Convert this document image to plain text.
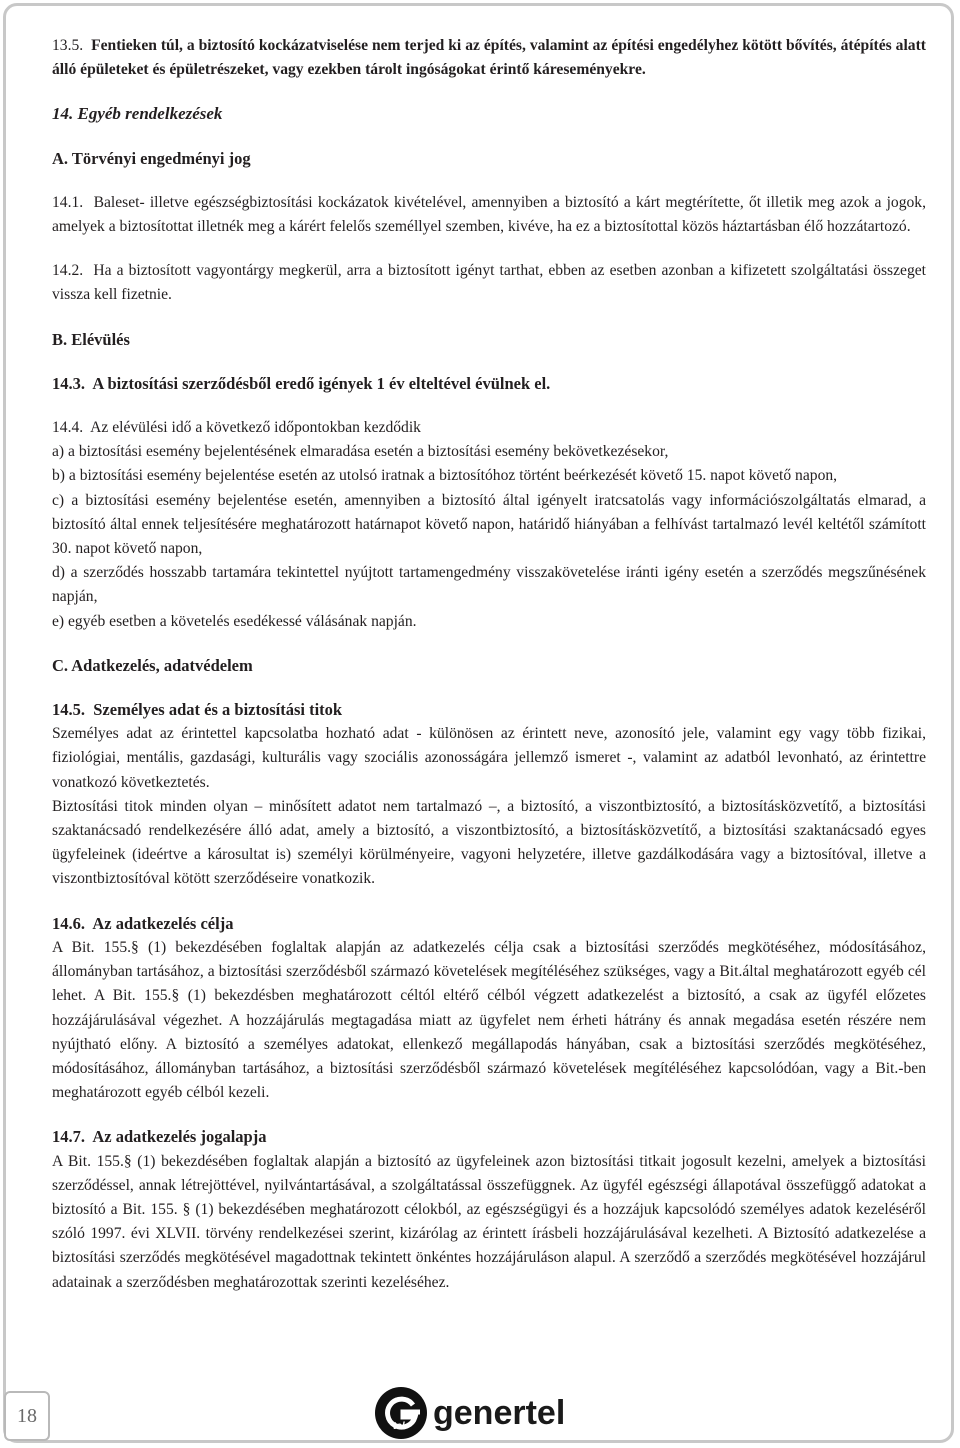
13.5. Fentieken túl, a biztosító kockázatviselése nem terjed ki az építés, valamint az építési engedélyhez kötött bővítés, átépítés alatt álló épületeket és épületrészeket, vagy ezekben tárolt ingóságokat érintő káreseményekre.

14. Egyéb rendelkezések

A. Törvényi engedményi jog

14.1. Baleset- illetve egészségbiztosítási kockázatok kivételével, amennyiben a biztosító a kárt megtérítette, őt illetik meg azok a jogok, amelyek a biztosítottat illetnék meg a kárért felelős személlyel szemben, kivéve, ha ez a biztosítottal közös háztartásban élő hozzátartozó.

14.2. Ha a biztosított vagyontárgy megkerül, arra a biztosított igényt tarthat, ebben az esetben azonban a kifizetett szolgáltatási összeget vissza kell fizetnie.

B. Elévülés

14.3. A biztosítási szerződésből eredő igények 1 év elteltével évülnek el.

14.4. Az elévülési idő a következő időpontokban kezdődik

a) a biztosítási esemény bejelentésének elmaradása esetén a biztosítási esemény bekövetkezésekor,

b) a biztosítási esemény bejelentése esetén az utolsó iratnak a biztosítóhoz történt beérkezését követő 15. napot követő napon,

c) a biztosítási esemény bejelentése esetén, amennyiben a biztosító által igényelt iratcsatolás vagy információszolgáltatás elmarad, a biztosító által ennek teljesítésére meghatározott határnapot követő napon, határidő hiányában a felhívást tartalmazó levél keltétől számított 30. napot követő napon,

d) a szerződés hosszabb tartamára tekintettel nyújtott tartamengedmény visszakövetelése iránti igény esetén a szerződés megszűnésének napján,

e) egyéb esetben a követelés esedékessé válásának napján.

C. Adatkezelés, adatvédelem

14.5. Személyes adat és a biztosítási titok

Személyes adat az érintettel kapcsolatba hozható adat - különösen az érintett neve, azonosító jele, valamint egy vagy több fizikai, fiziológiai, mentális, gazdasági, kulturális vagy szociális azonosságára jellemző ismeret -, valamint az adatból levonható, az érintettre vonatkozó következtetés.

Biztosítási titok minden olyan – minősített adatot nem tartalmazó –, a biztosító, a viszontbiztosító, a biztosításközvetítő, a biztosítási szaktanácsadó rendelkezésére álló adat, amely a biztosító, a viszontbiztosító, a biztosításközvetítő, a biztosítási szaktanácsadó egyes ügyfeleinek (ideértve a károsultat is) személyi körülményeire, vagyoni helyzetére, illetve gazdálkodására vagy a biztosítóval, illetve a viszontbiztosítóval kötött szerződéseire vonatkozik.

14.6. Az adatkezelés célja

A Bit. 155.§ (1) bekezdésében foglaltak alapján az adatkezelés célja csak a biztosítási szerződés megkötéséhez, módosításához, állományban tartásához, a biztosítási szerződésből származó követelések megítéléséhez szükséges, vagy a Bit.által meghatározott egyéb cél lehet. A Bit. 155.§ (1) bekezdésben meghatározott céltól eltérő célból végzett adatkezelést a biztosító, a csak az ügyfél előzetes hozzájárulásával végezhet. A hozzájárulás megtagadása miatt az ügyfelet nem érheti hátrány és annak megadása esetén részére nem nyújtható előny. A biztosító a személyes adatokat, ellenkező megállapodás hányában, csak a biztosítási szerződés megkötéséhez, módosításához, állományban tartásához, a biztosítási szerződésből származó követelések megítéléséhez kapcsolódóan, vagy a Bit.-ben meghatározott egyéb célból kezeli.

14.7. Az adatkezelés jogalapja

A Bit. 155.§ (1) bekezdésében foglaltak alapján a biztosító az ügyfeleinek azon biztosítási titkait jogosult kezelni, amelyek a biztosítási szerződéssel, annak létrejöttével, nyilvántartásával, a szolgáltatással összefüggnek. Az ügyfél egészségi állapotával összefüggő adatokat a biztosító a Bit. 155. § (1) bekezdésében meghatározott célokból, az egészségügyi és a hozzájuk kapcsolódó személyes adatok kezeléséről szóló 1997. évi XLVII. törvény rendelkezései szerint, kizárólag az érintett írásbeli hozzájárulásával kezelheti. A Biztosító adatkezelése a biztosítási szerződés megkötésével magadottnak tekintett önkéntes hozzájáruláson alapul. A szerződő a szerződés megkötésével hozzájárul adatainak a szerződésben meghatározottak szerinti kezeléséhez.

18	tel genertel
